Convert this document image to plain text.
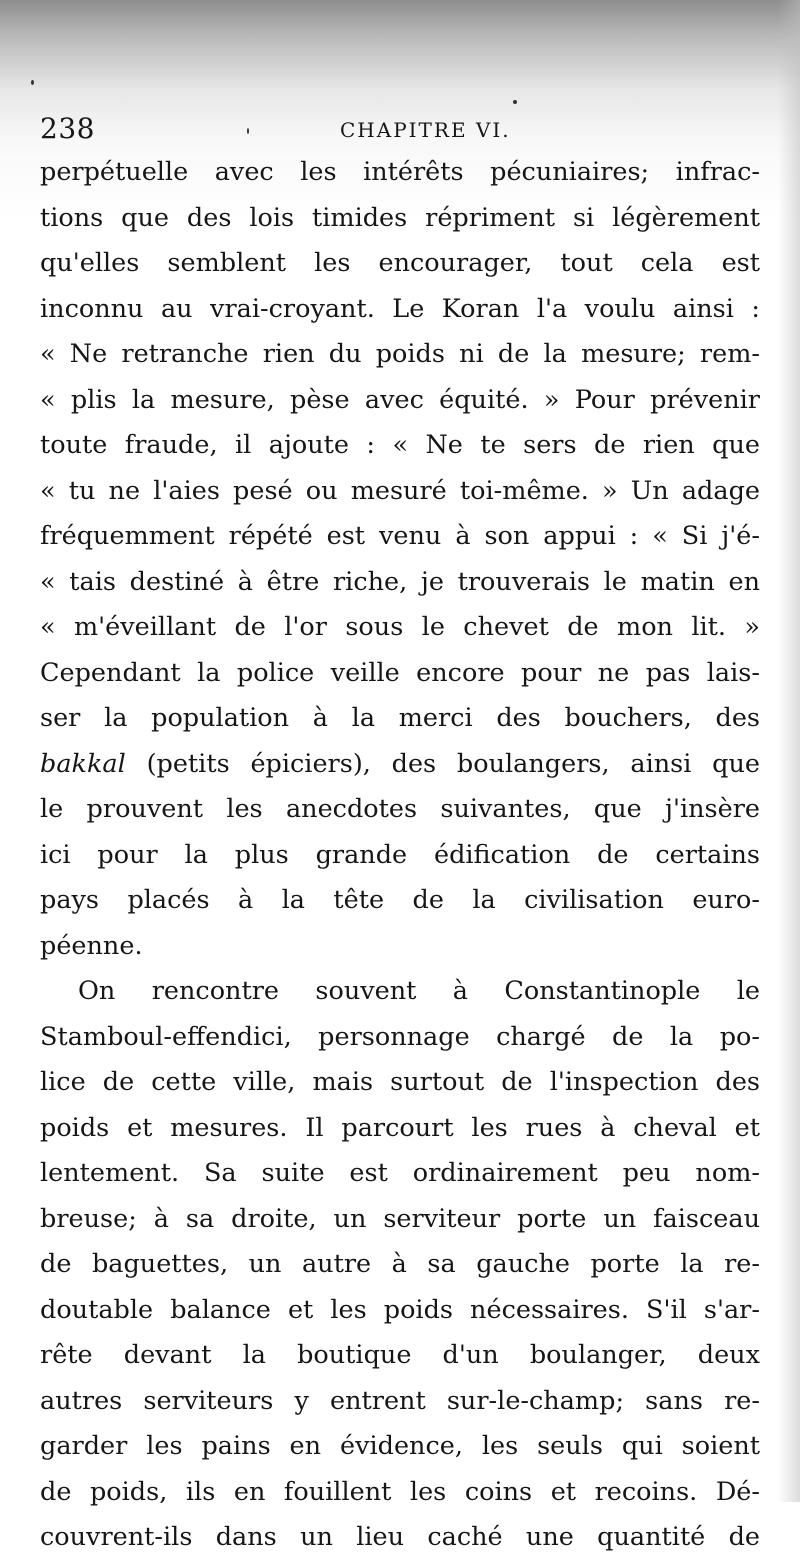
238	CHAPITRE VI.
perpétuelle avec les intérêts pécuniaires; infrac-
tions que des lois timides répriment si légèrement
qu'elles semblent les encourager, tout cela est
inconnu au vrai-croyant. Le Koran l'a voulu ainsi :
« Ne retranche rien du poids ni de la mesure; rem-
« plis la mesure, pèse avec équité. » Pour prévenir
toute fraude, il ajoute : « Ne te sers de rien que
« tu ne l'aies pesé ou mesuré toi-même. » Un adage
fréquemment répété est venu à son appui : « Si j'é-
« tais destiné à être riche, je trouverais le matin en
« m'éveillant de l'or sous le chevet de mon lit. »
Cependant la police veille encore pour ne pas lais-
ser la population à la merci des bouchers, des
bakkal (petits épiciers), des boulangers, ainsi que
le prouvent les anecdotes suivantes, que j'insère
ici pour la plus grande édification de certains
pays placés à la tête de la civilisation euro-
péenne.
On rencontre souvent à Constantinople le
Stamboul-effendici, personnage chargé de la po-
lice de cette ville, mais surtout de l'inspection des
poids et mesures. Il parcourt les rues à cheval et
lentement. Sa suite est ordinairement peu nom-
breuse; à sa droite, un serviteur porte un faisceau
de baguettes, un autre à sa gauche porte la re-
doutable balance et les poids nécessaires. S'il s'ar-
rête devant la boutique d'un boulanger, deux
autres serviteurs y entrent sur-le-champ; sans re-
garder les pains en évidence, les seuls qui soient
de poids, ils en fouillent les coins et recoins. Dé-
couvrent-ils dans un lieu caché une quantité de
